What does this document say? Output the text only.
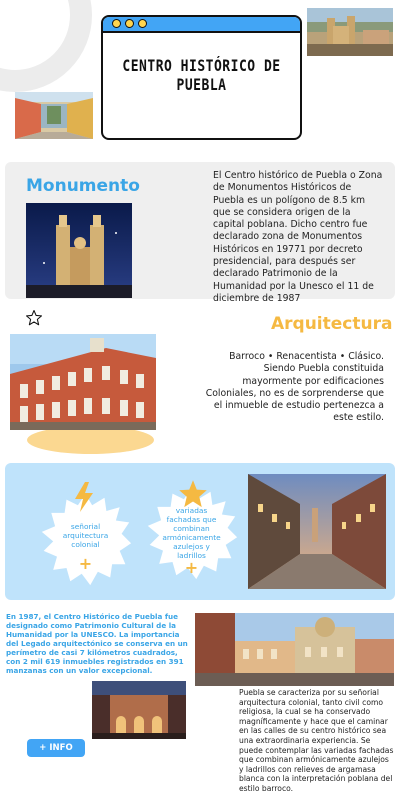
CENTRO HISTÓRICO DE PUEBLA
Monumento
El Centro histórico de Puebla o Zona de Monumentos Históricos de Puebla es un polígono de 8.5 km que se considera origen de la capital poblana. Dicho centro fue declarado zona de Monumentos Históricos en 19771 por decreto presidencial, para después ser declarado Patrimonio de la Humanidad por la Unesco el 11 de diciembre de 1987
Arquitectura
Barroco • Renacentista • Clásico. Siendo Puebla constituida mayormente por edificaciones Coloniales, no es de sorprenderse que el inmueble de estudio pertenezca a este estilo.
señorial arquitectura colonial
+
variadas fachadas que combinan armónicamente azulejos y ladrillos
+
En 1987, el Centro Histórico de Puebla fue designado como Patrimonio Cultural de la Humanidad por la UNESCO. La importancia del Legado arquitectónico se conserva en un perímetro de casi 7 kilómetros cuadrados, con 2 mil 619 inmuebles registrados en 391 manzanas con un valor excepcional.
Puebla se caracteriza por su señorial arquitectura colonial, tanto civil como religiosa, la cual se ha conservado magníficamente y hace que el caminar en las calles de su centro histórico sea una extraordinaria experiencia. Se puede contemplar las variadas fachadas que combinan armónicamente azulejos y ladrillos con relieves de argamasa blanca con la interpretación poblana del estilo barroco.
+ INFO
